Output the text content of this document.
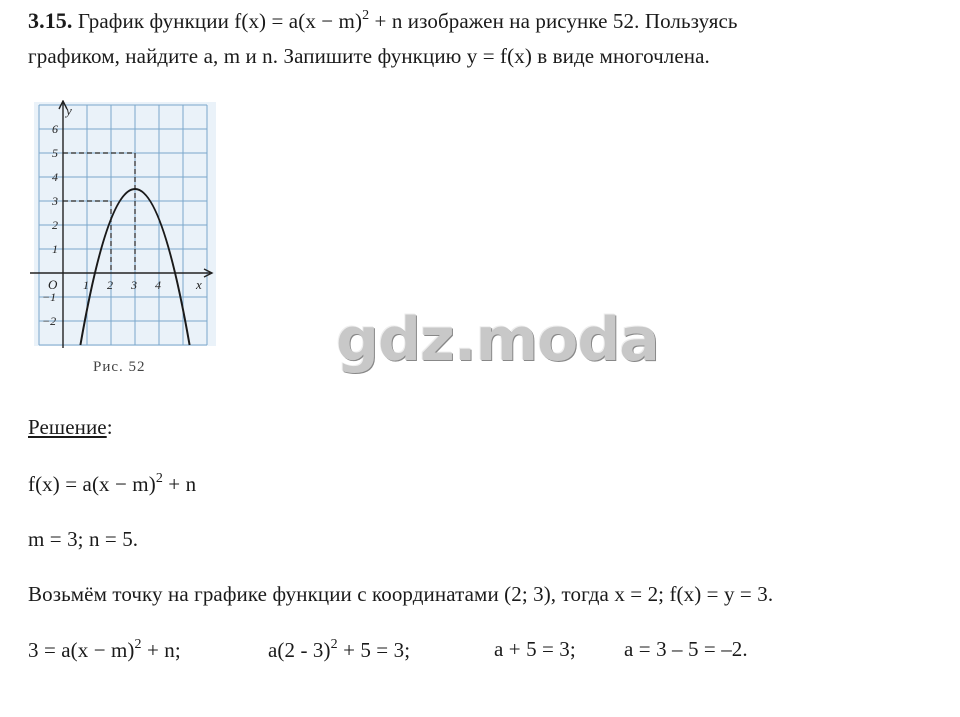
3.15. График функции $f(x) = a(x - m)^2 + n$ изображен на рисунке 52. Пользуясь
графиком, найдите a, m и n. Запишите функцию y = f(x) в виде многочлена.
y
x
O 1 2 3 4
6
5
4
3
2
1
−1
−2
Рис. 52	gdz.moda
Решение:
$f(x) = a(x - m)^2 + n$
m = 3; n = 5.
Возьмём точку на графике функции с координатами (2; 3), тогда x = 2; f(x) = y = 3.
$3 = a(x - m)^2 + n$;	a(2 - 3)$^2$ + 5 = 3;	a + 5 = 3; a = 3 – 5 = –2.
